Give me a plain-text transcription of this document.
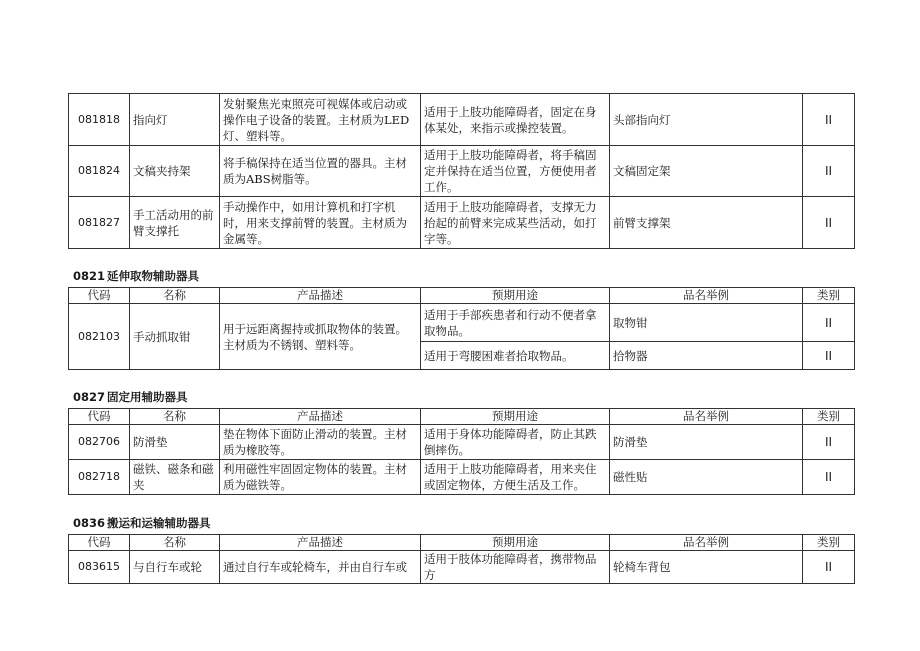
081818	指向灯	发射聚焦光束照亮可视媒体或启动或操作电子设备的装置。主材质为LED灯、塑料等。	适用于上肢功能障碍者，固定在身体某处，来指示或操控装置。	头部指向灯	II
081824	文稿夹持架	将手稿保持在适当位置的器具。主材质为ABS树脂等。	适用于上肢功能障碍者，将手稿固定并保持在适当位置，方便使用者工作。	文稿固定架	II
081827	手工活动用的前臂支撑托	手动操作中，如用计算机和打字机时，用来支撑前臂的装置。主材质为金属等。	适用于上肢功能障碍者，支撑无力抬起的前臂来完成某些活动，如打字等。	前臂支撑架	II
0821 延伸取物辅助器具
代码	名称	产品描述	预期用途	品名举例	类别
082103	手动抓取钳	用于远距离握持或抓取物体的装置。主材质为不锈钢、塑料等。	适用于手部疾患者和行动不便者拿取物品。	取物钳	II
			适用于弯腰困难者拾取物品。	拾物器	II
0827 固定用辅助器具
代码	名称	产品描述	预期用途	品名举例	类别
082706	防滑垫	垫在物体下面防止滑动的装置。主材质为橡胶等。	适用于身体功能障碍者，防止其跌倒摔伤。	防滑垫	II
082718	磁铁、磁条和磁夹	利用磁性牢固固定物体的装置。主材质为磁铁等。	适用于上肢功能障碍者，用来夹住或固定物体，方便生活及工作。	磁性贴	II
0836 搬运和运输辅助器具
代码	名称	产品描述	预期用途	品名举例	类别
083615	与自行车或轮	通过自行车或轮椅车，并由自行车或	适用于肢体功能障碍者，携带物品方	轮椅车背包	II
